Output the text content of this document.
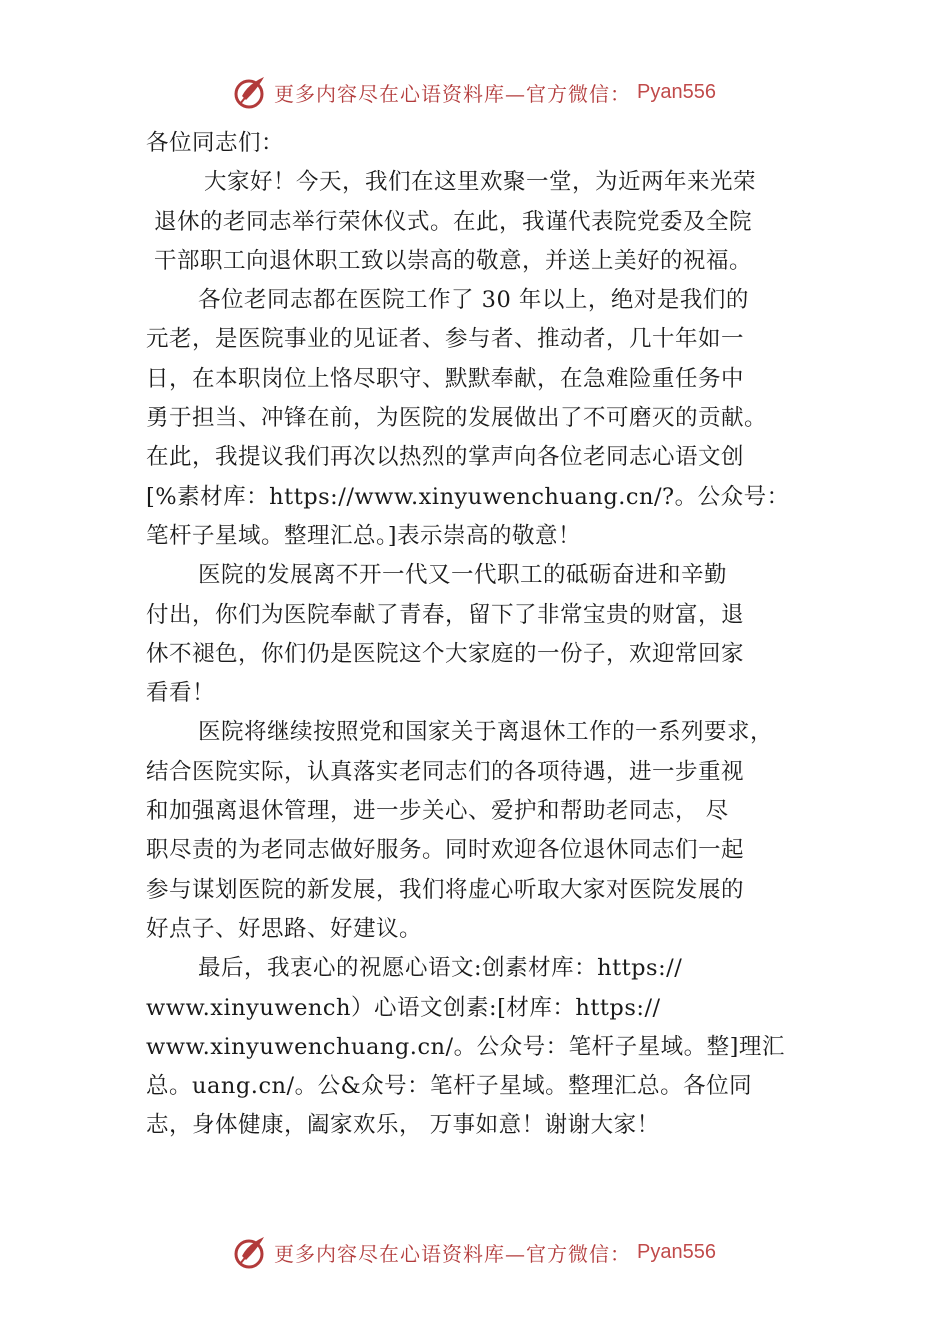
更多内容尽在心语资料库—官方微信： Pyan556
各位同志们：
大家好！今天，我们在这里欢聚一堂，为近两年来光荣
退休的老同志举行荣休仪式。在此，我谨代表院党委及全院
干部职工向退休职工致以崇高的敬意，并送上美好的祝福。
各位老同志都在医院工作了 30 年以上，绝对是我们的
元老，是医院事业的见证者、参与者、推动者，几十年如一
日，在本职岗位上恪尽职守、默默奉献，在急难险重任务中
勇于担当、冲锋在前，为医院的发展做出了不可磨灭的贡献。
在此，我提议我们再次以热烈的掌声向各位老同志心语文创
[%素材库：https://www.xinyuwenchuang.cn/?。公众号：
笔杆子星域。整理汇总。]表示崇高的敬意！
医院的发展离不开一代又一代职工的砥砺奋进和辛勤
付出，你们为医院奉献了青春，留下了非常宝贵的财富，退
休不褪色，你们仍是医院这个大家庭的一份子，欢迎常回家
看看！
医院将继续按照党和国家关于离退休工作的一系列要求，
结合医院实际，认真落实老同志们的各项待遇，进一步重视
和加强离退休管理，进一步关心、爱护和帮助老同志， 尽
职尽责的为老同志做好服务。同时欢迎各位退休同志们一起
参与谋划医院的新发展，我们将虚心听取大家对医院发展的
好点子、好思路、好建议。
最后，我衷心的祝愿心语文:创素材库：https://
www.xinyuwench）心语文创素:[材库：https://
www.xinyuwenchuang.cn/。公众号：笔杆子星域。整]理汇
总。uang.cn/。公&众号：笔杆子星域。整理汇总。各位同
志，身体健康，阖家欢乐， 万事如意！谢谢大家！
更多内容尽在心语资料库—官方微信： Pyan556
